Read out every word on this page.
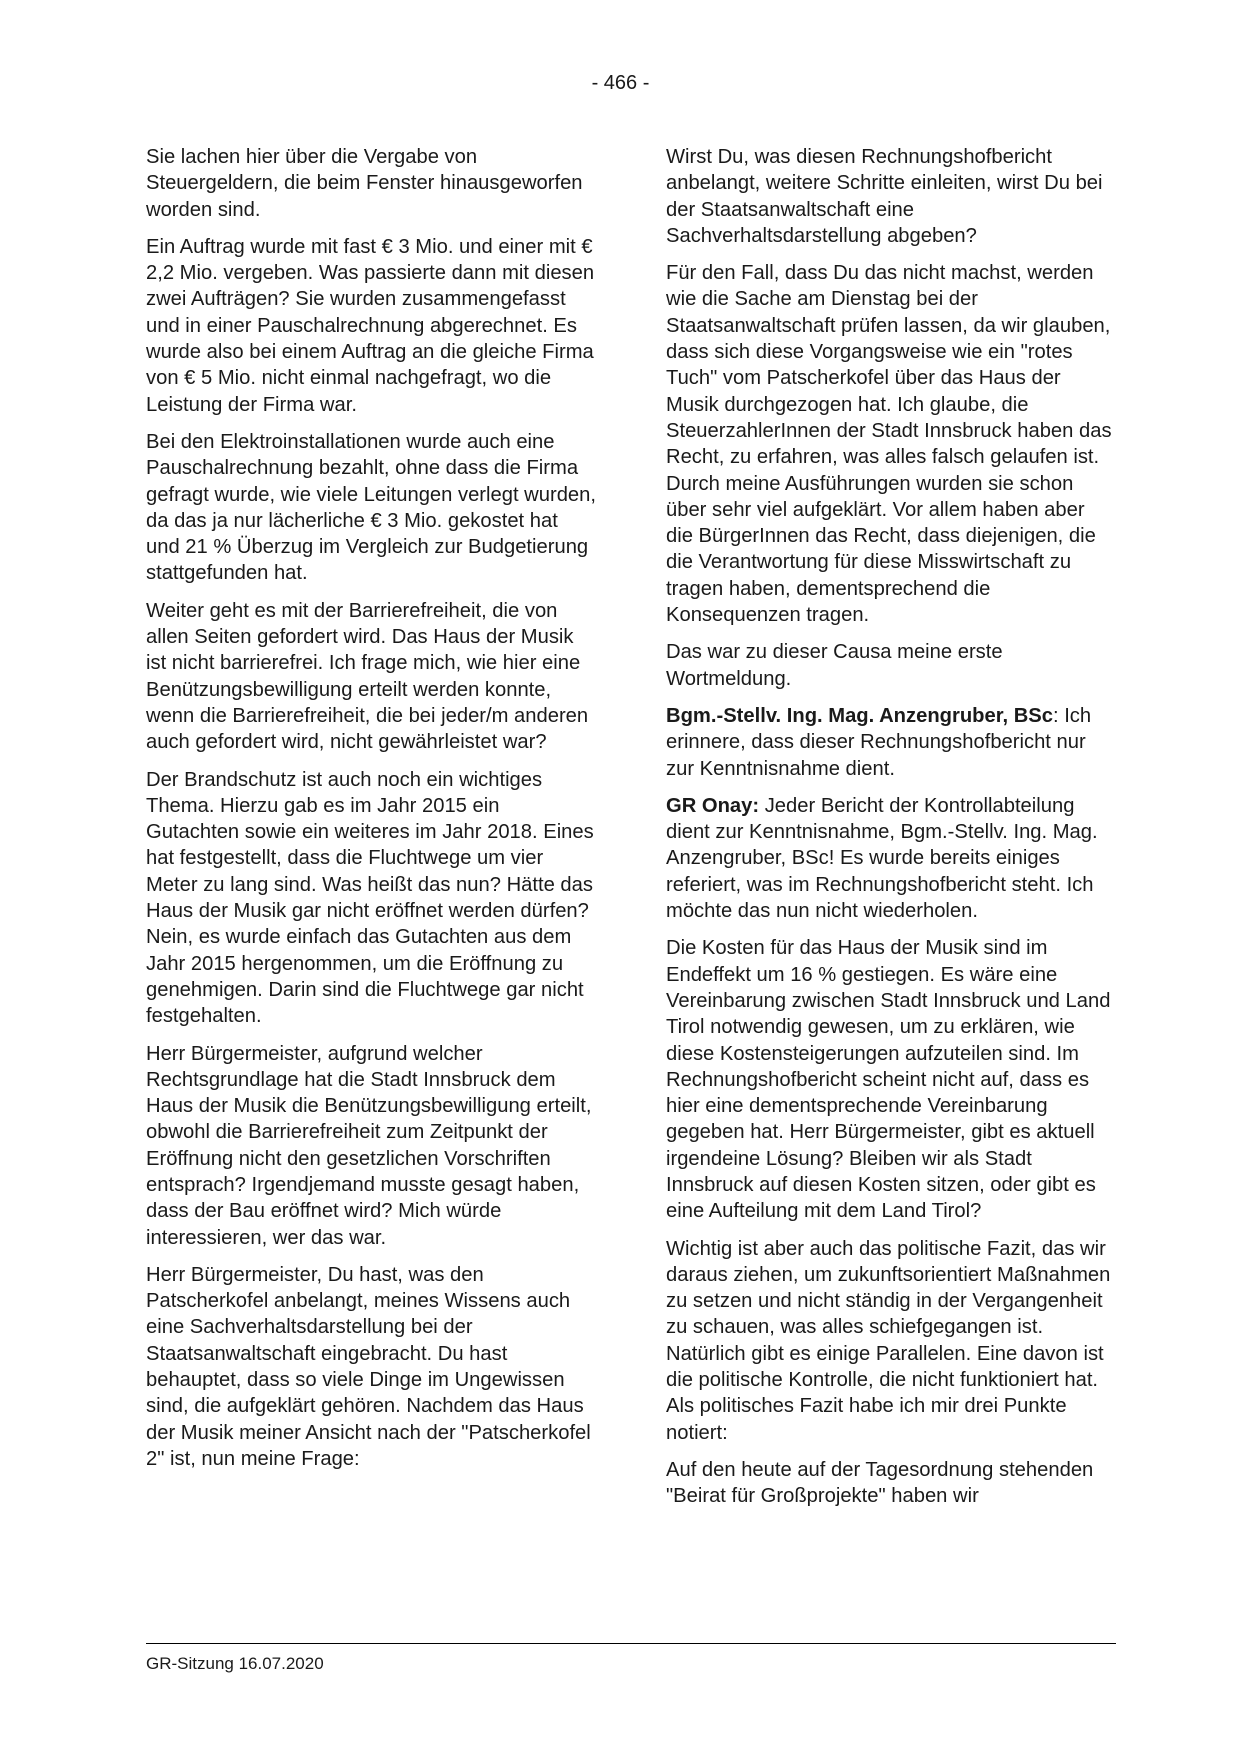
- 466 -

Sie lachen hier über die Vergabe von Steuergeldern, die beim Fenster hinausgeworfen worden sind.

Ein Auftrag wurde mit fast € 3 Mio. und einer mit € 2,2 Mio. vergeben. Was passierte dann mit diesen zwei Aufträgen? Sie wurden zusammengefasst und in einer Pauschalrechnung abgerechnet. Es wurde also bei einem Auftrag an die gleiche Firma von € 5 Mio. nicht einmal nachgefragt, wo die Leistung der Firma war.

Bei den Elektroinstallationen wurde auch eine Pauschalrechnung bezahlt, ohne dass die Firma gefragt wurde, wie viele Leitungen verlegt wurden, da das ja nur lächerliche € 3 Mio. gekostet hat und 21 % Überzug im Vergleich zur Budgetierung stattgefunden hat.

Weiter geht es mit der Barrierefreiheit, die von allen Seiten gefordert wird. Das Haus der Musik ist nicht barrierefrei. Ich frage mich, wie hier eine Benützungsbewilligung erteilt werden konnte, wenn die Barrierefreiheit, die bei jeder/m anderen auch gefordert wird, nicht gewährleistet war?

Der Brandschutz ist auch noch ein wichtiges Thema. Hierzu gab es im Jahr 2015 ein Gutachten sowie ein weiteres im Jahr 2018. Eines hat festgestellt, dass die Fluchtwege um vier Meter zu lang sind. Was heißt das nun? Hätte das Haus der Musik gar nicht eröffnet werden dürfen? Nein, es wurde einfach das Gutachten aus dem Jahr 2015 hergenommen, um die Eröffnung zu genehmigen. Darin sind die Fluchtwege gar nicht festgehalten.

Herr Bürgermeister, aufgrund welcher Rechtsgrundlage hat die Stadt Innsbruck dem Haus der Musik die Benützungsbewilligung erteilt, obwohl die Barrierefreiheit zum Zeitpunkt der Eröffnung nicht den gesetzlichen Vorschriften entsprach? Irgendjemand musste gesagt haben, dass der Bau eröffnet wird? Mich würde interessieren, wer das war.

Herr Bürgermeister, Du hast, was den Patscherkofel anbelangt, meines Wissens auch eine Sachverhaltsdarstellung bei der Staatsanwaltschaft eingebracht. Du hast behauptet, dass so viele Dinge im Ungewissen sind, die aufgeklärt gehören. Nachdem das Haus der Musik meiner Ansicht nach der "Patscherkofel 2" ist, nun meine Frage:

Wirst Du, was diesen Rechnungshofbericht anbelangt, weitere Schritte einleiten, wirst Du bei der Staatsanwaltschaft eine Sachverhaltsdarstellung abgeben?

Für den Fall, dass Du das nicht machst, werden wie die Sache am Dienstag bei der Staatsanwaltschaft prüfen lassen, da wir glauben, dass sich diese Vorgangsweise wie ein "rotes Tuch" vom Patscherkofel über das Haus der Musik durchgezogen hat. Ich glaube, die SteuerzahlerInnen der Stadt Innsbruck haben das Recht, zu erfahren, was alles falsch gelaufen ist. Durch meine Ausführungen wurden sie schon über sehr viel aufgeklärt. Vor allem haben aber die BürgerInnen das Recht, dass diejenigen, die die Verantwortung für diese Misswirtschaft zu tragen haben, dementsprechend die Konsequenzen tragen.

Das war zu dieser Causa meine erste Wortmeldung.

Bgm.-Stellv. Ing. Mag. Anzengruber, BSc: Ich erinnere, dass dieser Rechnungshofbericht nur zur Kenntnisnahme dient.

GR Onay: Jeder Bericht der Kontrollabteilung dient zur Kenntnisnahme, Bgm.-Stellv. Ing. Mag. Anzengruber, BSc! Es wurde bereits einiges referiert, was im Rechnungshofbericht steht. Ich möchte das nun nicht wiederholen.

Die Kosten für das Haus der Musik sind im Endeffekt um 16 % gestiegen. Es wäre eine Vereinbarung zwischen Stadt Innsbruck und Land Tirol notwendig gewesen, um zu erklären, wie diese Kostensteigerungen aufzuteilen sind. Im Rechnungshofbericht scheint nicht auf, dass es hier eine dementsprechende Vereinbarung gegeben hat. Herr Bürgermeister, gibt es aktuell irgendeine Lösung? Bleiben wir als Stadt Innsbruck auf diesen Kosten sitzen, oder gibt es eine Aufteilung mit dem Land Tirol?

Wichtig ist aber auch das politische Fazit, das wir daraus ziehen, um zukunftsorientiert Maßnahmen zu setzen und nicht ständig in der Vergangenheit zu schauen, was alles schiefgegangen ist. Natürlich gibt es einige Parallelen. Eine davon ist die politische Kontrolle, die nicht funktioniert hat. Als politisches Fazit habe ich mir drei Punkte notiert:

Auf den heute auf der Tagesordnung stehenden "Beirat für Großprojekte" haben wir

GR-Sitzung 16.07.2020
